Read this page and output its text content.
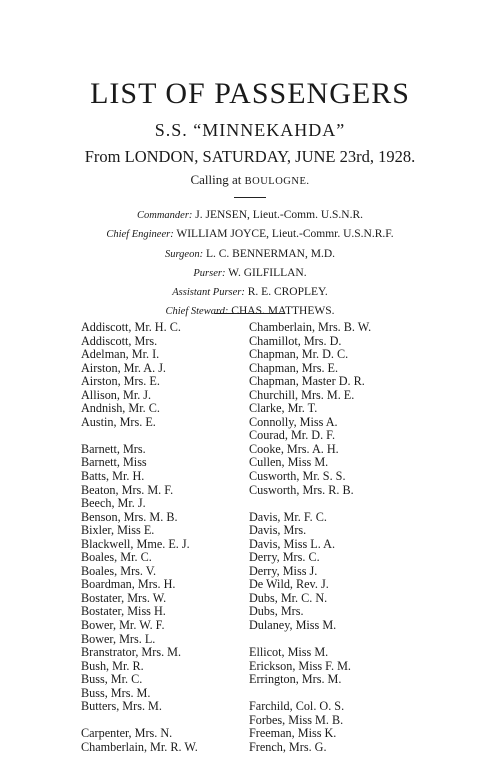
LIST OF PASSENGERS
S.S. “MINNEKAHDA”
From LONDON, SATURDAY, JUNE 23rd, 1928.
Calling at BOULOGNE.
Commander: J. JENSEN, Lieut.-Comm. U.S.N.R.
Chief Engineer: WILLIAM JOYCE, Lieut.-Commr. U.S.N.R.F.
Surgeon: L. C. BENNERMAN, M.D.
Purser: W. GILFILLAN.
Assistant Purser: R. E. CROPLEY.
Chief Steward: CHAS. MATTHEWS.
Addiscott, Mr. H. C.
Addiscott, Mrs.
Adelman, Mr. I.
Airston, Mr. A. J.
Airston, Mrs. E.
Allison, Mr. J.
Andnish, Mr. C.
Austin, Mrs. E.
Barnett, Mrs.
Barnett, Miss
Batts, Mr. H.
Beaton, Mrs. M. F.
Beech, Mr. J.
Benson, Mrs. M. B.
Bixler, Miss E.
Blackwell, Mme. E. J.
Boales, Mr. C.
Boales, Mrs. V.
Boardman, Mrs. H.
Bostater, Mrs. W.
Bostater, Miss H.
Bower, Mr. W. F.
Bower, Mrs. L.
Branstrator, Mrs. M.
Bush, Mr. R.
Buss, Mr. C.
Buss, Mrs. M.
Butters, Mrs. M.
Carpenter, Mrs. N.
Chamberlain, Mr. R. W.
Chamberlain, Mrs. B. W.
Chamillot, Mrs. D.
Chapman, Mr. D. C.
Chapman, Mrs. E.
Chapman, Master D. R.
Churchill, Mrs. M. E.
Clarke, Mr. T.
Connolly, Miss A.
Courad, Mr. D. F.
Cooke, Mrs. A. H.
Cullen, Miss M.
Cusworth, Mr. S. S.
Cusworth, Mrs. R. B.
Davis, Mr. F. C.
Davis, Mrs.
Davis, Miss L. A.
Derry, Mrs. C.
Derry, Miss J.
De Wild, Rev. J.
Dubs, Mr. C. N.
Dubs, Mrs.
Dulaney, Miss M.
Ellicot, Miss M.
Erickson, Miss F. M.
Errington, Mrs. M.
Farchild, Col. O. S.
Forbes, Miss M. B.
Freeman, Miss K.
French, Mrs. G.
